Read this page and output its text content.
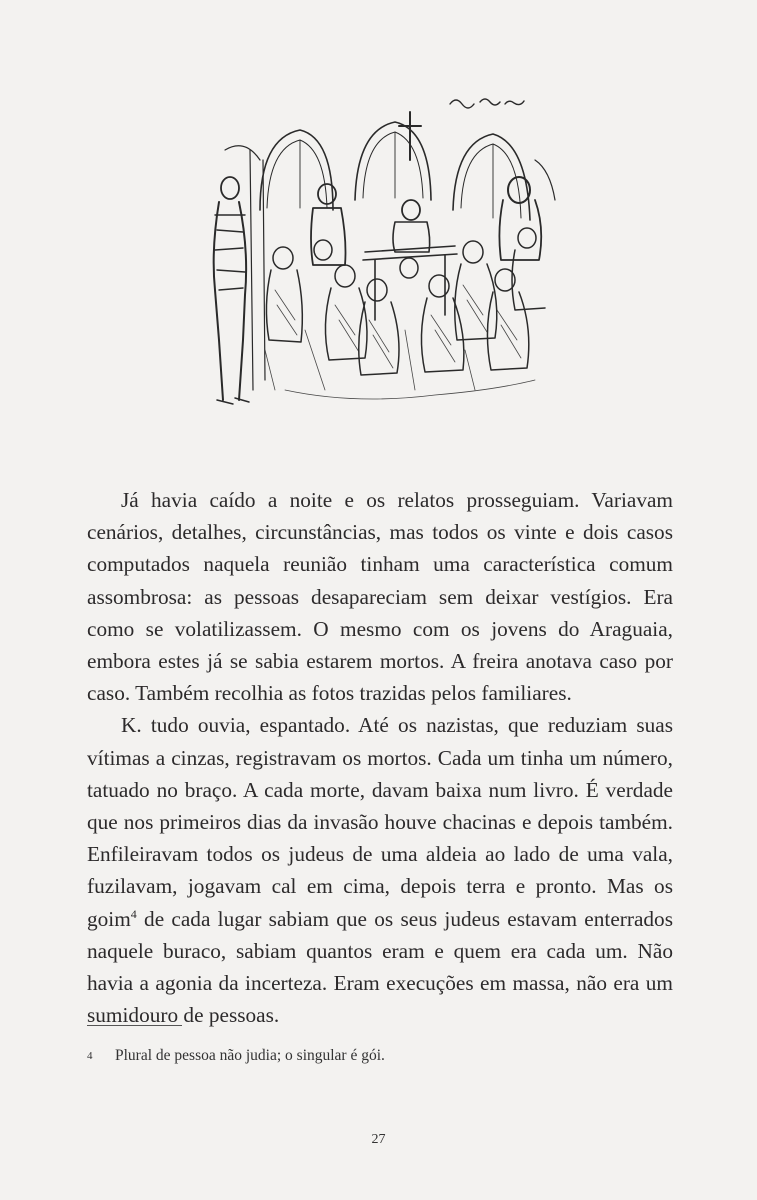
Já havia caído a noite e os relatos prosseguiam. Variavam cenários, detalhes, circunstâncias, mas todos os vinte e dois casos computados naquela reunião tinham uma característica comum assombrosa: as pessoas desapareciam sem deixar vestígios. Era como se volatilizassem. O mesmo com os jovens do Araguaia, embora estes já se sabia estarem mortos. A freira anotava caso por caso. Também recolhia as fotos trazidas pelos familiares.

K. tudo ouvia, espantado. Até os nazistas, que reduziam suas vítimas a cinzas, registravam os mortos. Cada um tinha um número, tatuado no braço. A cada morte, davam baixa num livro. É verdade que nos primeiros dias da invasão houve chacinas e depois também. Enfileiravam todos os judeus de uma aldeia ao lado de uma vala, fuzilavam, jogavam cal em cima, depois terra e pronto. Mas os goim$^4$ de cada lugar sabiam que os seus judeus estavam enterrados naquele buraco, sabiam quantos eram e quem era cada um. Não havia a agonia da incerteza. Eram execuções em massa, não era um sumidouro de pessoas.

4 Plural de pessoa não judia; o singular é gói.
27
